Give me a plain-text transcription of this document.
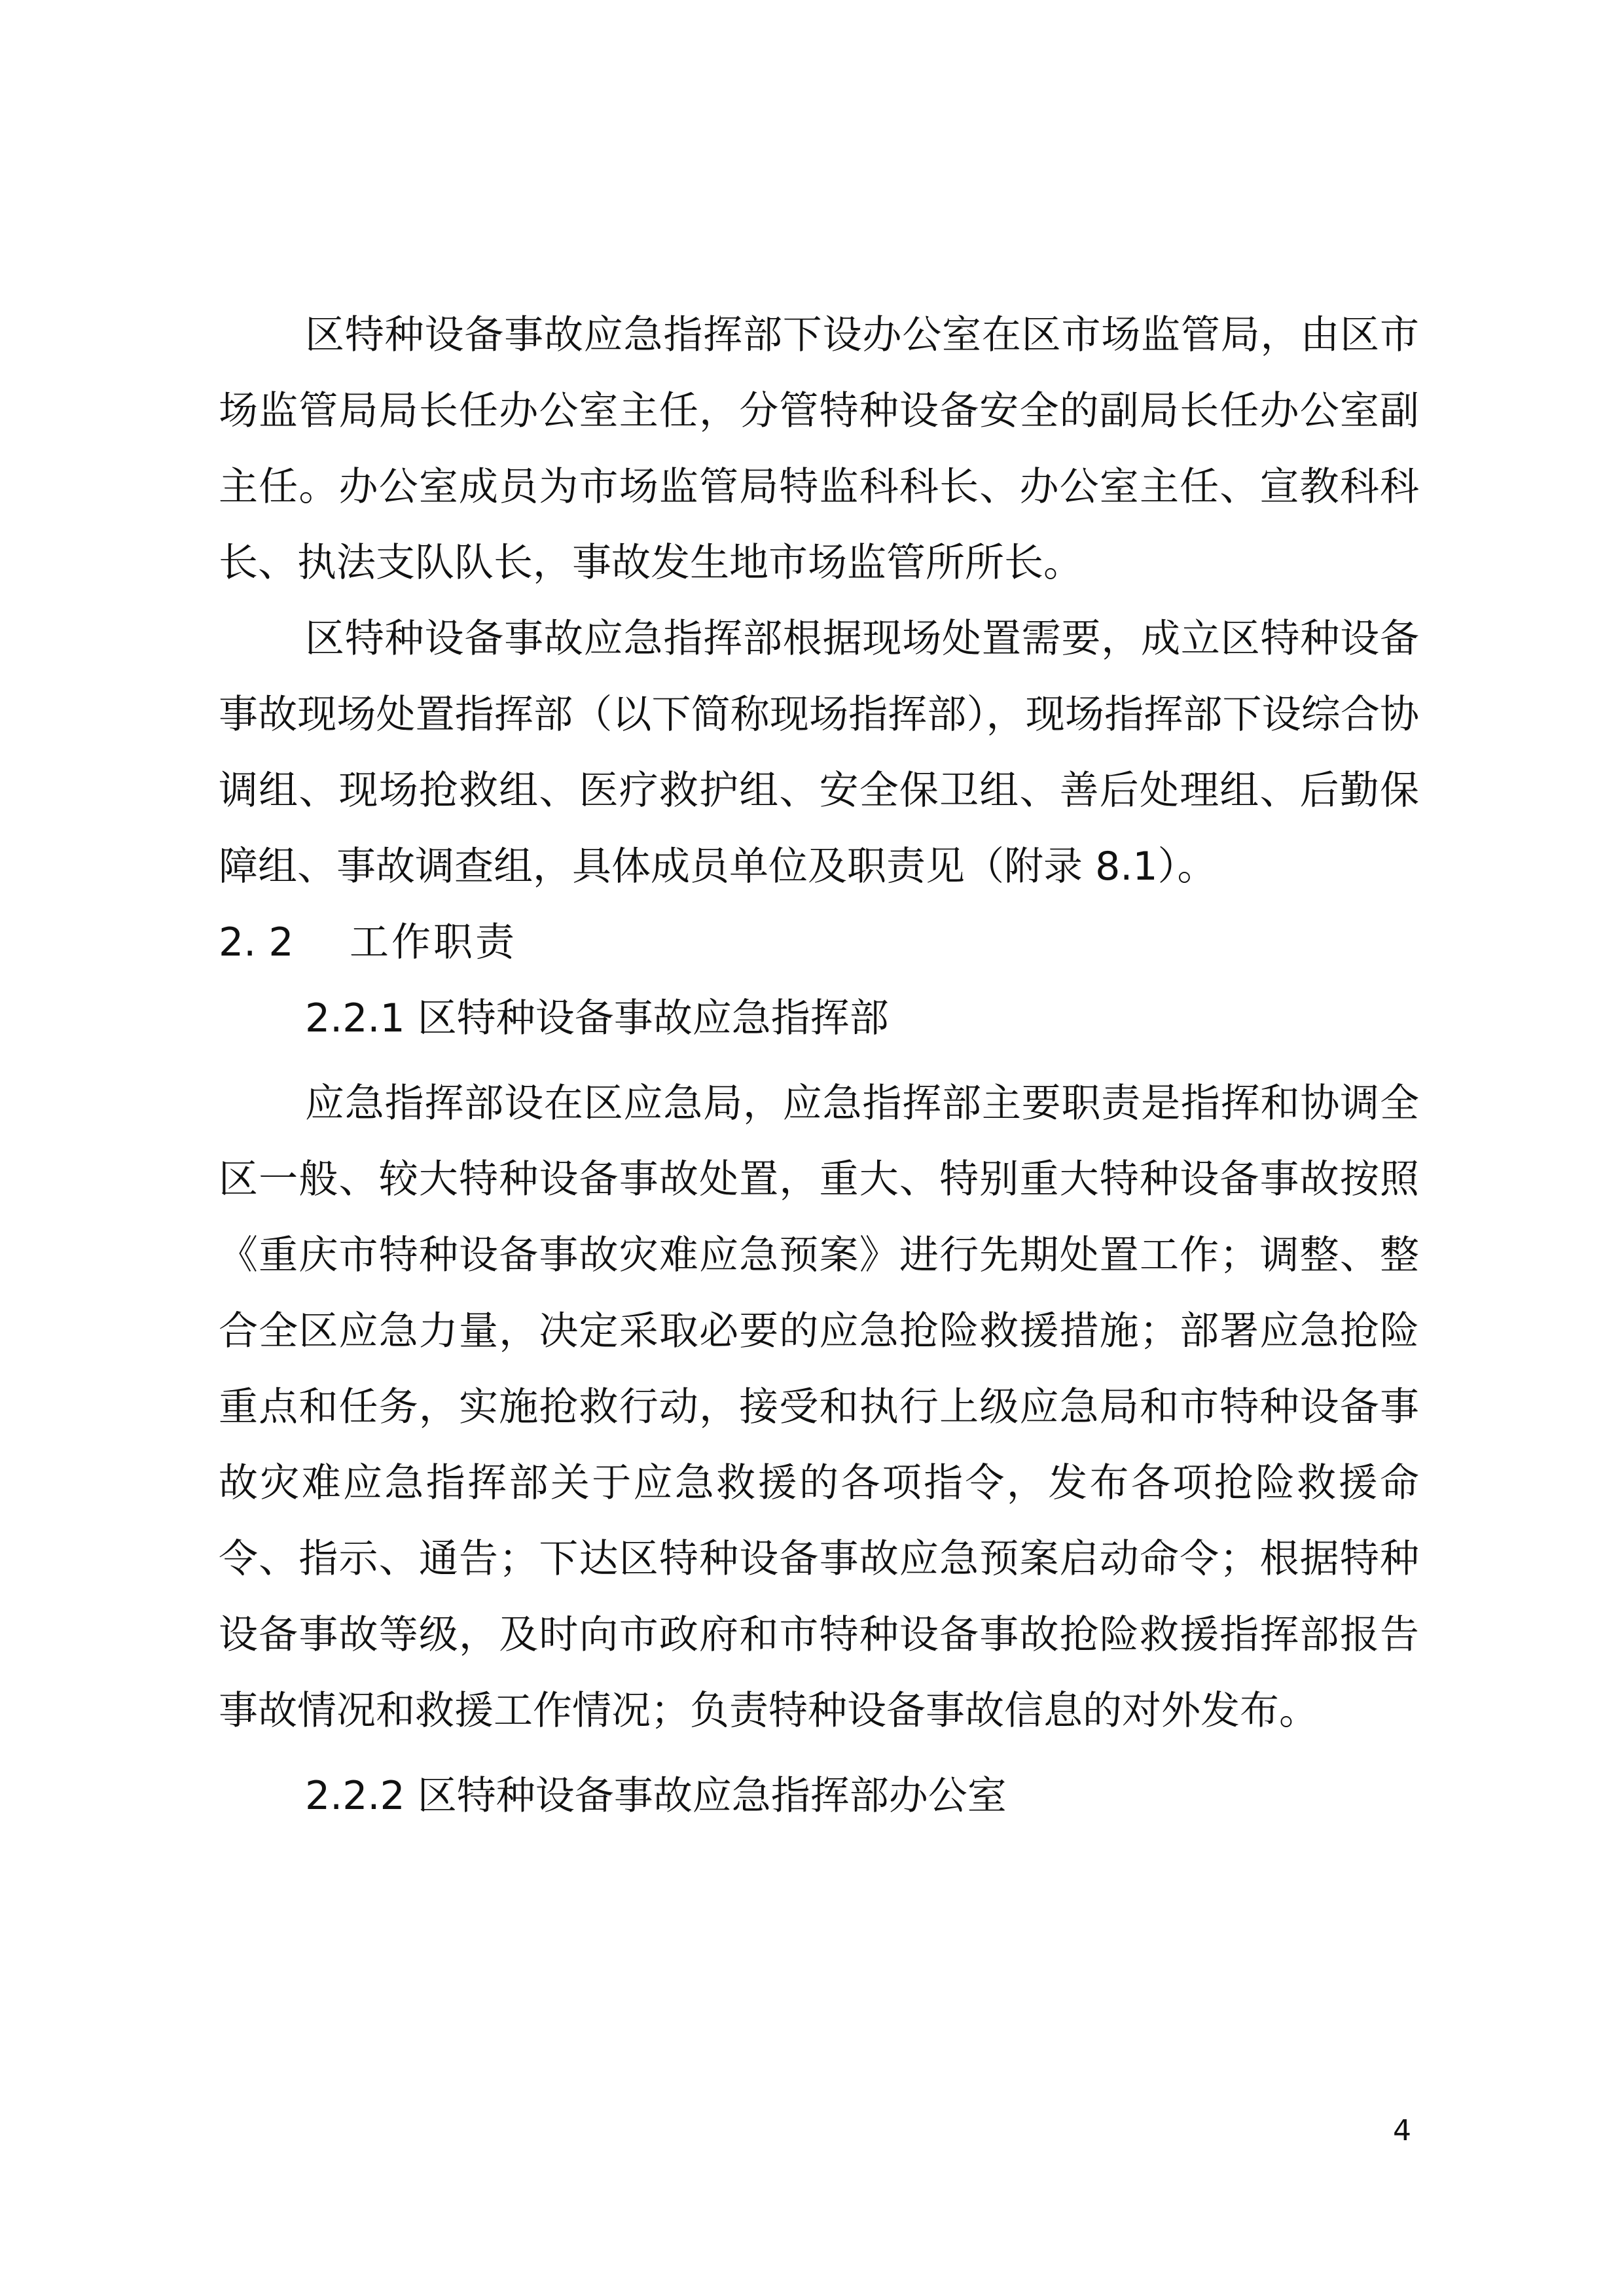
区特种设备事故应急指挥部下设办公室在区市场监管局，由区市场监管局局长任办公室主任，分管特种设备安全的副局长任办公室副主任。办公室成员为市场监管局特监科科长、办公室主任、宣教科科长、执法支队队长，事故发生地市场监管所所长。

区特种设备事故应急指挥部根据现场处置需要，成立区特种设备事故现场处置指挥部（以下简称现场指挥部），现场指挥部下设综合协调组、现场抢救组、医疗救护组、安全保卫组、善后处理组、后勤保障组、事故调查组，具体成员单位及职责见（附录 8.1）。

2. 2	工作职责

2.2.1 区特种设备事故应急指挥部

应急指挥部设在区应急局，应急指挥部主要职责是指挥和协调全区一般、较大特种设备事故处置，重大、特别重大特种设备事故按照《重庆市特种设备事故灾难应急预案》进行先期处置工作；调整、整合全区应急力量，决定采取必要的应急抢险救援措施；部署应急抢险重点和任务，实施抢救行动，接受和执行上级应急局和市特种设备事故灾难应急指挥部关于应急救援的各项指令，发布各项抢险救援命令、指示、通告；下达区特种设备事故应急预案启动命令；根据特种设备事故等级，及时向市政府和市特种设备事故抢险救援指挥部报告事故情况和救援工作情况；负责特种设备事故信息的对外发布。

2.2.2 区特种设备事故应急指挥部办公室

4
